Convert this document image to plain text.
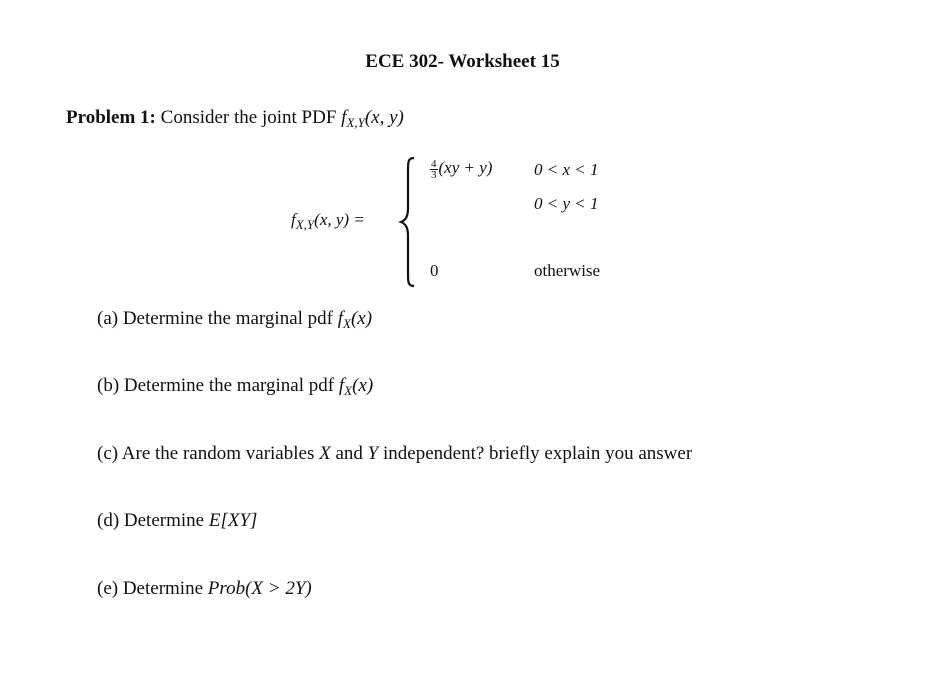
ECE 302- Worksheet 15
Problem 1: Consider the joint PDF $f_{X,Y}(x$, y)
$f_{X,Y}(x$, y) =
$\frac{4}{3} (xy + y) 0 < x < 1$
0 < y < 1
0	otherwise
(a) Determine the marginal pdf $f_X(x)$
(b) Determine the marginal pdf $f_X(x)$
(c) Are the random variables X and Y independent? briefly explain you answer
(d) Determine E[XY]
(e) Determine Prob(X > 2Y)
